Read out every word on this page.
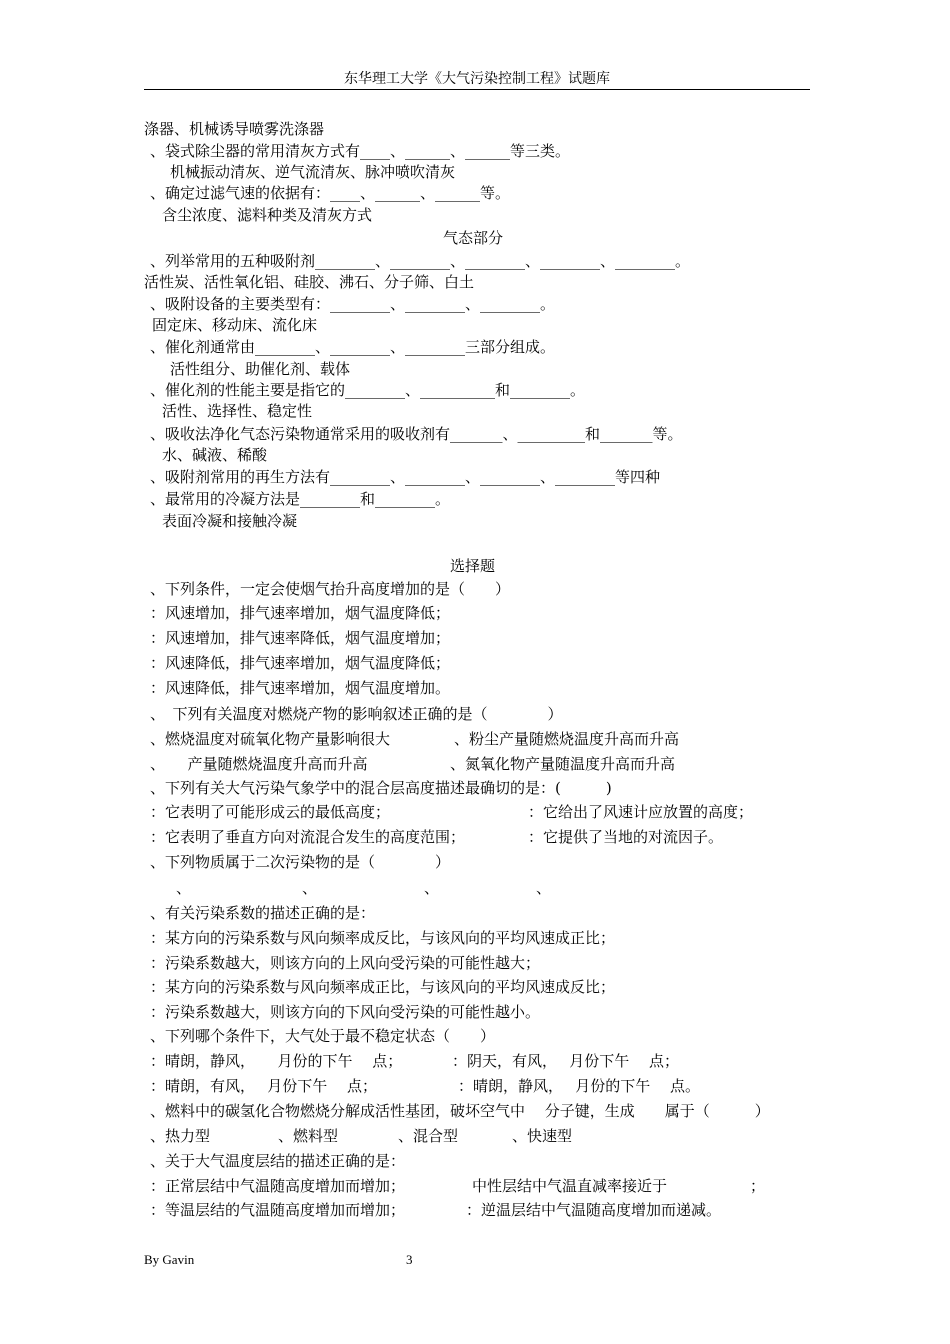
东华理工大学《大气污染控制工程》试题库
涤器、机械诱导喷雾洗涤器
、袋式除尘器的常用清灰方式有____、______、______等三类。
机械振动清灰、逆气流清灰、脉冲喷吹清灰
、确定过滤气速的依据有：____、______、______等。
含尘浓度、滤料种类及清灰方式
气态部分
、列举常用的五种吸附剂________、________、________、________、________。
活性炭、活性氧化铝、硅胶、沸石、分子筛、白土
、吸附设备的主要类型有：________、________、________。
固定床、移动床、流化床
、催化剂通常由________、________、________三部分组成。
活性组分、助催化剂、载体
、催化剂的性能主要是指它的________、__________和________。
活性、选择性、稳定性
、吸收法净化气态污染物通常采用的吸收剂有_______、_________和_______等。
水、碱液、稀酸
、吸附剂常用的再生方法有________、________、________、________等四种
、最常用的冷凝方法是________和________。
表面冷凝和接触冷凝
选择题
、下列条件，一定会使烟气抬升高度增加的是（　　）
：风速增加，排气速率增加，烟气温度降低；
：风速增加，排气速率降低，烟气温度增加；
：风速降低，排气速率增加，烟气温度降低；
：风速降低，排气速率增加，烟气温度增加。
、　下列有关温度对燃烧产物的影响叙述正确的是（　　　　）
、燃烧温度对硫氧化物产量影响很大	、粉尘产量随燃烧温度升高而升高
、　　产量随燃烧温度升高而升高	、氮氧化物产量随温度升高而升高
、下列有关大气污染气象学中的混合层高度描述最确切的是：(　　　)
：它表明了可能形成云的最低高度；	：它给出了风速计应放置的高度；
：它表明了垂直方向对流混合发生的高度范围；	：它提供了当地的对流因子。
、下列物质属于二次污染物的是（　　　　）
、	、	、	、
、有关污染系数的描述正确的是：
：某方向的污染系数与风向频率成反比，与该风向的平均风速成正比；
：污染系数越大，则该方向的上风向受污染的可能性越大；
：某方向的污染系数与风向频率成正比，与该风向的平均风速成反比；
：污染系数越大，则该方向的下风向受污染的可能性越小。
、下列哪个条件下，大气处于最不稳定状态（　　）
：晴朗，静风，　　月份的下午　 点；	：阴天，有风，　 月份下午　 点；
：晴朗，有风，　 月份下午　 点；	：晴朗，静风，　 月份的下午　 点。
、燃料中的碳氢化合物燃烧分解成活性基团，破坏空气中　 分子键，生成　　属于（　　　）
、热力型	、燃料型	、混合型	、快速型
、关于大气温度层结的描述正确的是：
：正常层结中气温随高度增加而增加；	中性层结中气温直减率接近于	；
：等温层结的气温随高度增加而增加；	：逆温层结中气温随高度增加而递减。
By Gavin	3
